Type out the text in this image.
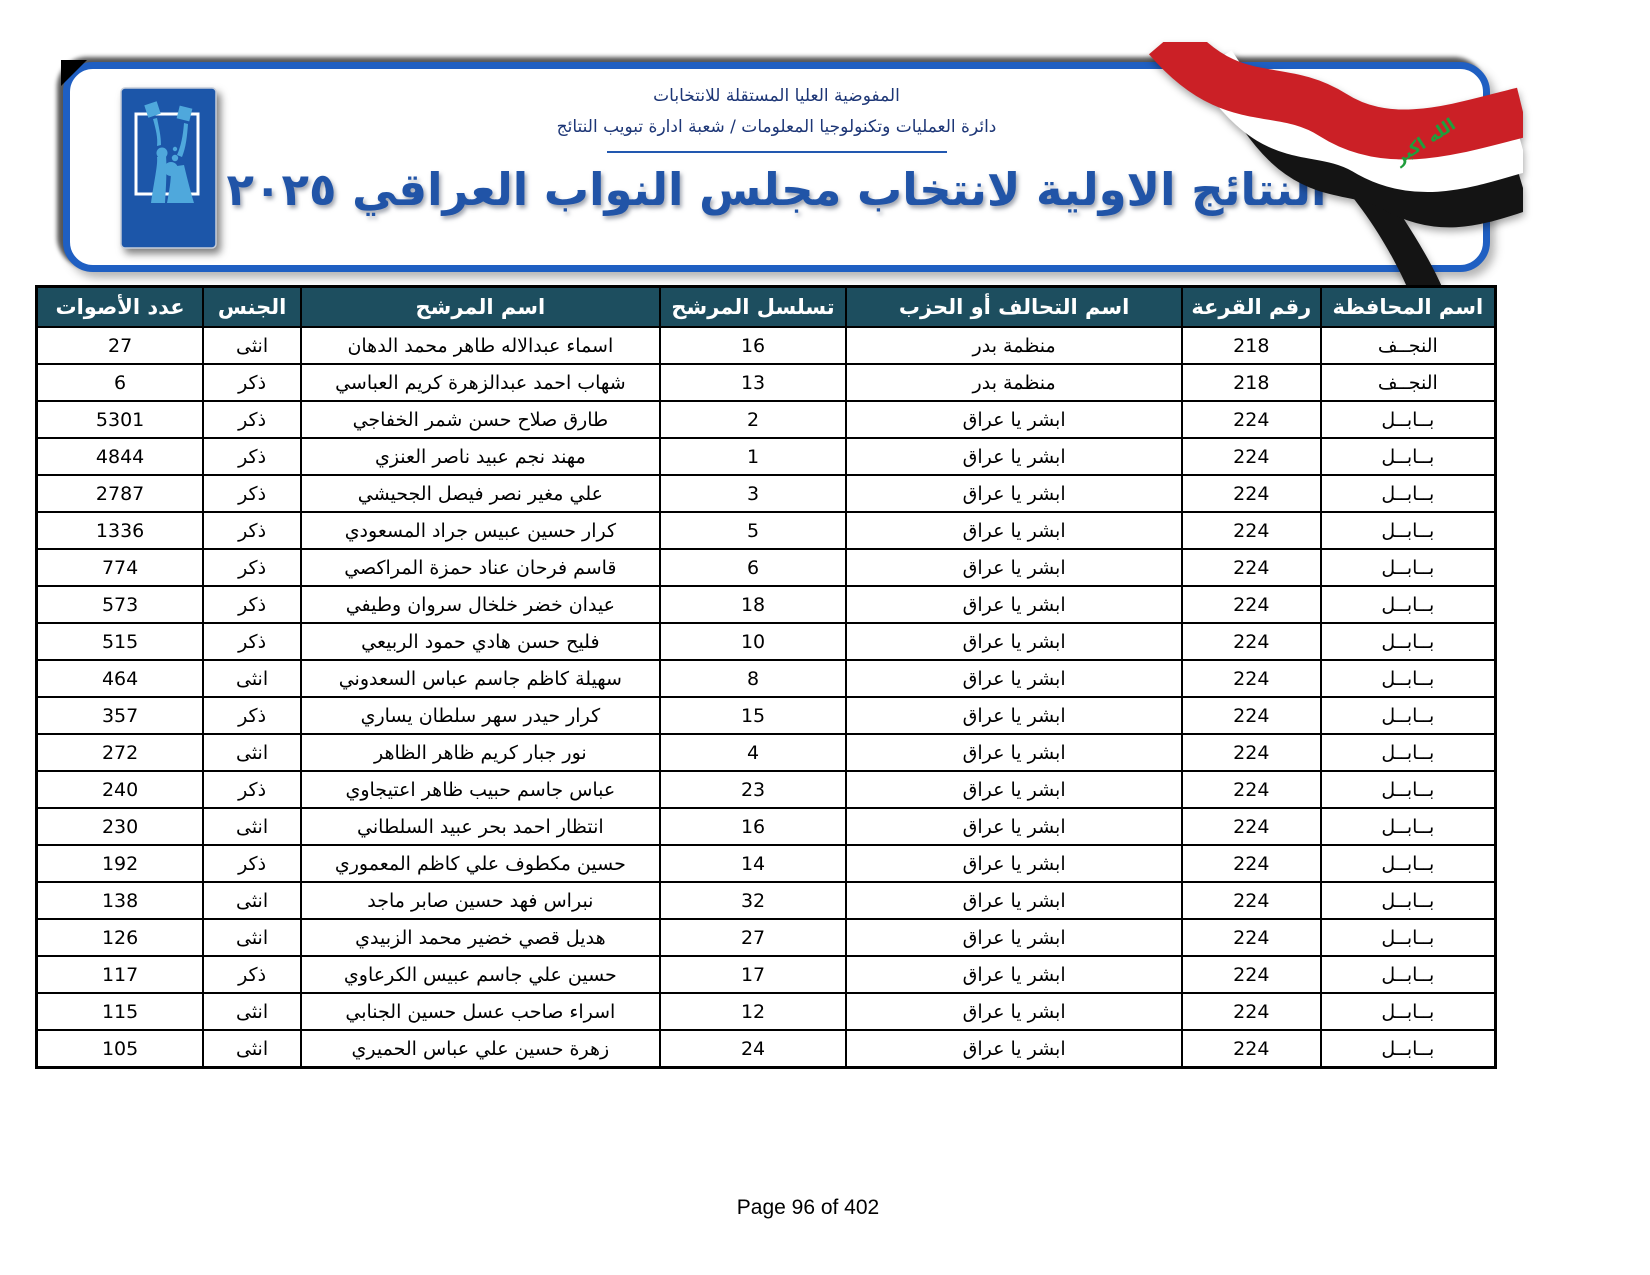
المفوضية العليا المستقلة للانتخابات
دائرة العمليات وتكنولوجيا المعلومات / شعبة ادارة تبويب النتائج
النتائج الاولية لانتخاب مجلس النواب العراقي ٢٠٢٥
الله اكبر
اسم المحافظة	رقم القرعة	اسم التحالف أو الحزب	تسلسل المرشح	اسم المرشح	الجنس	عدد الأصوات
النجــف	218	منظمة بدر	16	اسماء عبدالاله طاهر محمد الدهان	انثى	27
النجــف	218	منظمة بدر	13	شهاب احمد عبدالزهرة كريم العباسي	ذكر	6
بــابــل	224	ابشر يا عراق	2	طارق صلاح حسن شمر الخفاجي	ذكر	5301
بــابــل	224	ابشر يا عراق	1	مهند نجم عبيد ناصر العنزي	ذكر	4844
بــابــل	224	ابشر يا عراق	3	علي مغير نصر فيصل الجحيشي	ذكر	2787
بــابــل	224	ابشر يا عراق	5	كرار حسين عبيس جراد المسعودي	ذكر	1336
بــابــل	224	ابشر يا عراق	6	قاسم فرحان عناد حمزة المراكصي	ذكر	774
بــابــل	224	ابشر يا عراق	18	عيدان خضر خلخال سروان وطيفي	ذكر	573
بــابــل	224	ابشر يا عراق	10	فليح حسن هادي حمود الربيعي	ذكر	515
بــابــل	224	ابشر يا عراق	8	سهيلة كاظم جاسم عباس السعدوني	انثى	464
بــابــل	224	ابشر يا عراق	15	كرار حيدر سهر سلطان يساري	ذكر	357
بــابــل	224	ابشر يا عراق	4	نور جبار كريم ظاهر الظاهر	انثى	272
بــابــل	224	ابشر يا عراق	23	عباس جاسم حبيب ظاهر اعتيجاوي	ذكر	240
بــابــل	224	ابشر يا عراق	16	انتظار احمد بحر عبيد السلطاني	انثى	230
بــابــل	224	ابشر يا عراق	14	حسين مكطوف علي كاظم المعموري	ذكر	192
بــابــل	224	ابشر يا عراق	32	نبراس فهد حسين صابر ماجد	انثى	138
بــابــل	224	ابشر يا عراق	27	هديل قصي خضير محمد الزبيدي	انثى	126
بــابــل	224	ابشر يا عراق	17	حسين علي جاسم عبيس الكرعاوي	ذكر	117
بــابــل	224	ابشر يا عراق	12	اسراء صاحب عسل حسين الجنابي	انثى	115
بــابــل	224	ابشر يا عراق	24	زهرة حسين علي عباس الحميري	انثى	105
Page 96 of 402
